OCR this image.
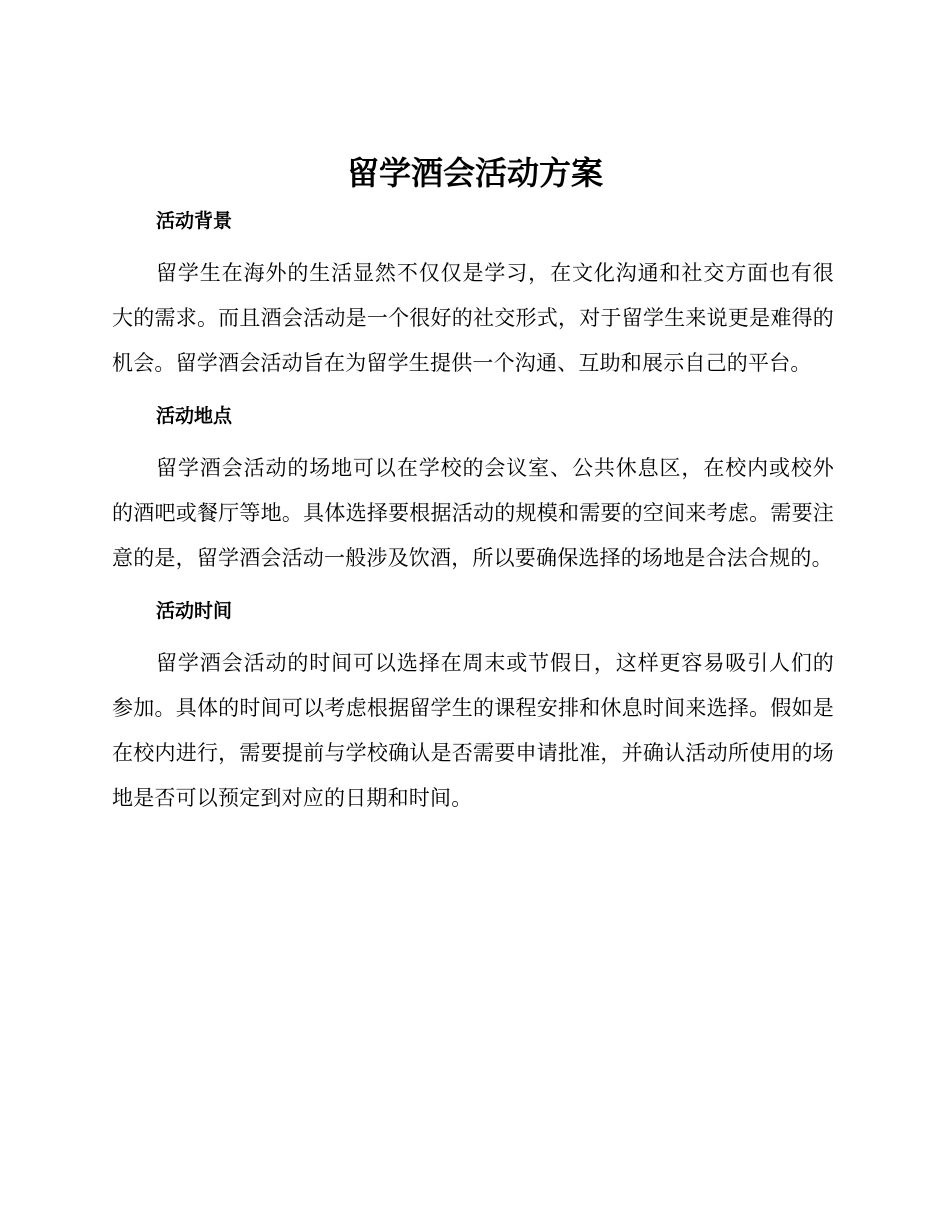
留学酒会活动方案
活动背景

留学生在海外的生活显然不仅仅是学习，在文化沟通和社交方面也有很大的需求。而且酒会活动是一个很好的社交形式，对于留学生来说更是难得的机会。留学酒会活动旨在为留学生提供一个沟通、互助和展示自己的平台。

活动地点

留学酒会活动的场地可以在学校的会议室、公共休息区，在校内或校外的酒吧或餐厅等地。具体选择要根据活动的规模和需要的空间来考虑。需要注意的是，留学酒会活动一般涉及饮酒，所以要确保选择的场地是合法合规的。

活动时间

留学酒会活动的时间可以选择在周末或节假日，这样更容易吸引人们的参加。具体的时间可以考虑根据留学生的课程安排和休息时间来选择。假如是在校内进行，需要提前与学校确认是否需要申请批准，并确认活动所使用的场地是否可以预定到对应的日期和时间。
